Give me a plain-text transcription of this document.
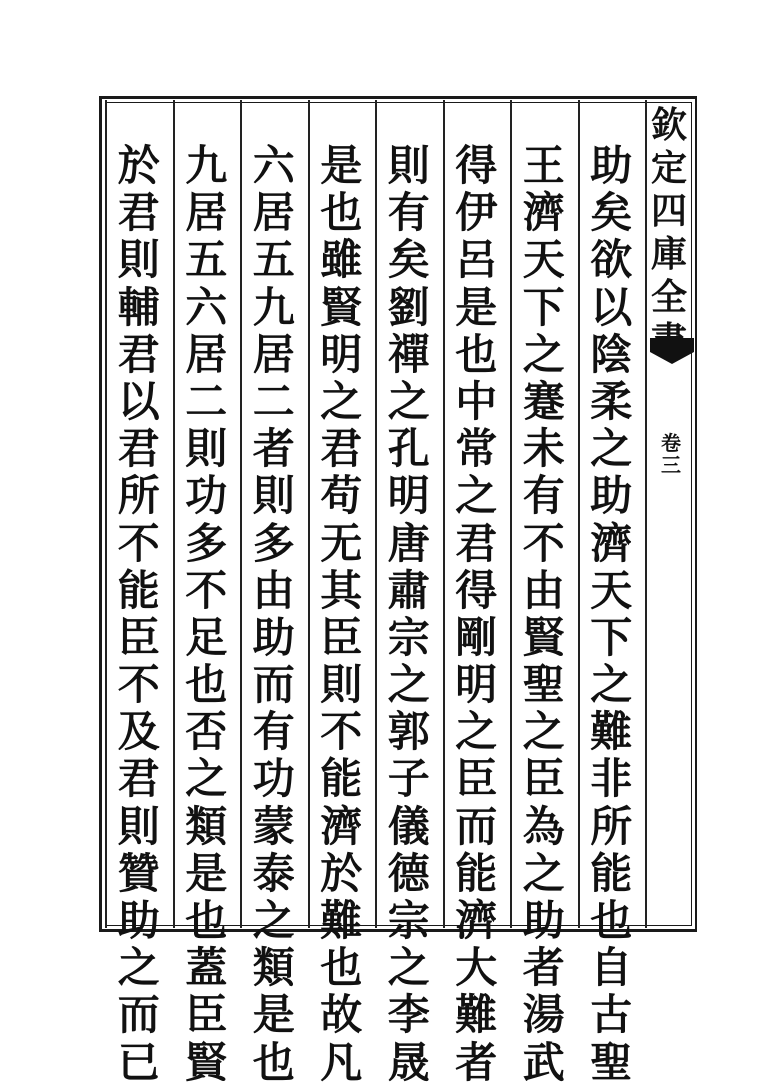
欽
定
四
庫
全
卷三
助
矣
欲
以
陰
柔
之
助
濟
天
下
之
難
非
所
能
也
自
古
聖
王
濟
天
下
之
蹇
未
有
不
由
賢
聖
之
臣
為
之
助
者
湯
武
得
伊
呂
是
也
中
常
之
君
得
剛
明
之
臣
而
能
濟
大
難
者
則
有
矣
劉
禪
之
孔
明
唐
肅
宗
之
郭
子
儀
德
宗
之
李
晟
是
也
雖
賢
明
之
君
苟
无
其
臣
則
不
能
濟
於
難
也
故
凡
六
居
五
九
居
二
者
則
多
由
助
而
有
功
蒙
泰
之
類
是
也
九
居
五
六
居
二
則
功
多
不
足
也
否
之
類
是
也
蓋
臣
賢
於
君
則
輔
君
以
君
所
不
能
臣
不
及
君
則
贊
助
之
而
已
